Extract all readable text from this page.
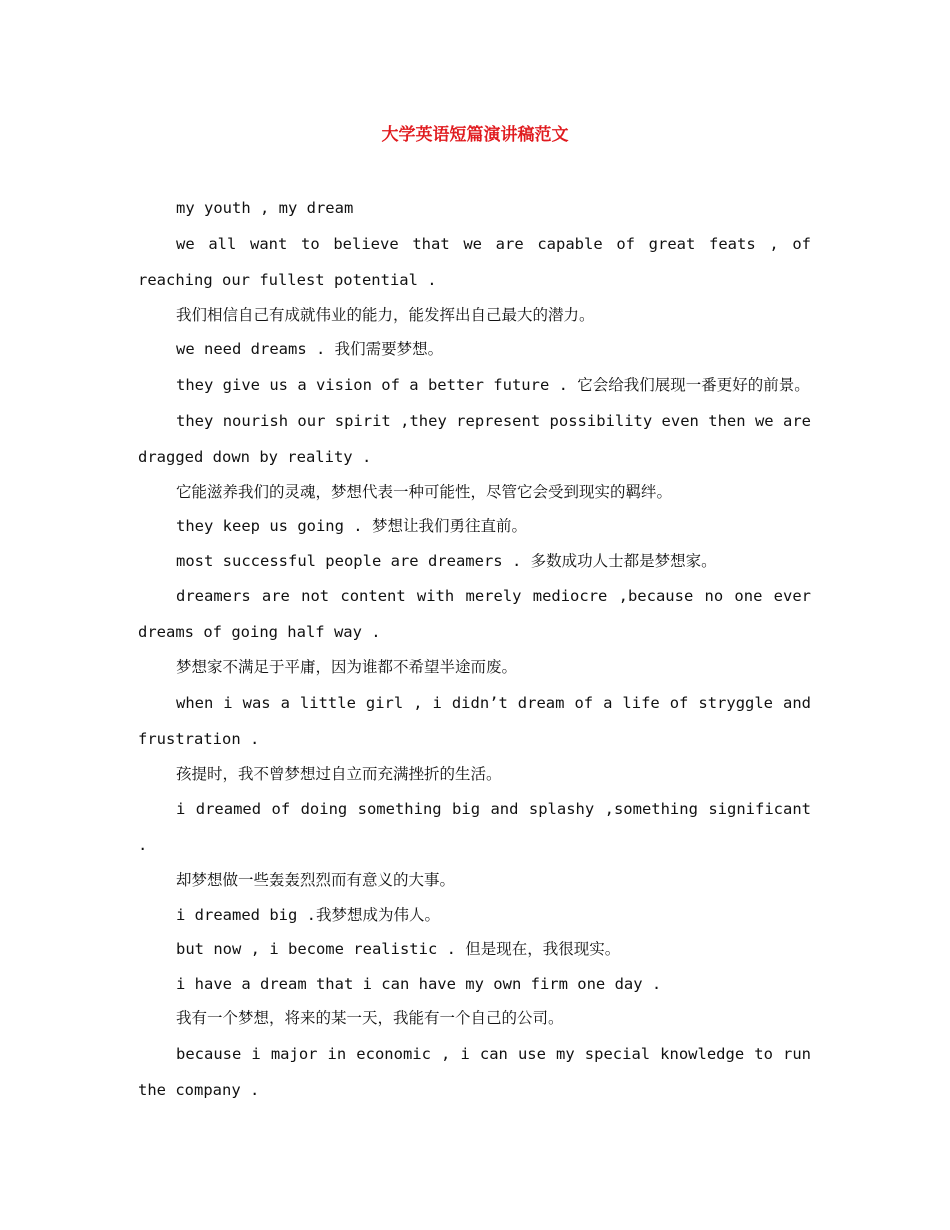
大学英语短篇演讲稿范文

my youth , my dream

we all want to believe that we are capable of great feats , of reaching our fullest potential .

我们相信自己有成就伟业的能力，能发挥出自己最大的潜力。

we need dreams . 我们需要梦想。

they give us a vision of a better future . 它会给我们展现一番更好的前景。

they nourish our spirit ,they represent possibility even then we are dragged down by reality .

它能滋养我们的灵魂，梦想代表一种可能性，尽管它会受到现实的羁绊。

they keep us going . 梦想让我们勇往直前。

most successful people are dreamers . 多数成功人士都是梦想家。

dreamers are not content with merely mediocre ,because no one ever dreams of going half way .

梦想家不满足于平庸，因为谁都不希望半途而废。

when i was a little girl , i didn’t dream of a life of stryggle and frustration .

孩提时，我不曾梦想过自立而充满挫折的生活。

i dreamed of doing something big and splashy ,something significant .

却梦想做一些轰轰烈烈而有意义的大事。

i dreamed big .我梦想成为伟人。

but now , i become realistic . 但是现在，我很现实。

i have a dream that i can have my own firm one day .

我有一个梦想，将来的某一天，我能有一个自己的公司。

because i major in economic , i can use my special knowledge to run the company .
